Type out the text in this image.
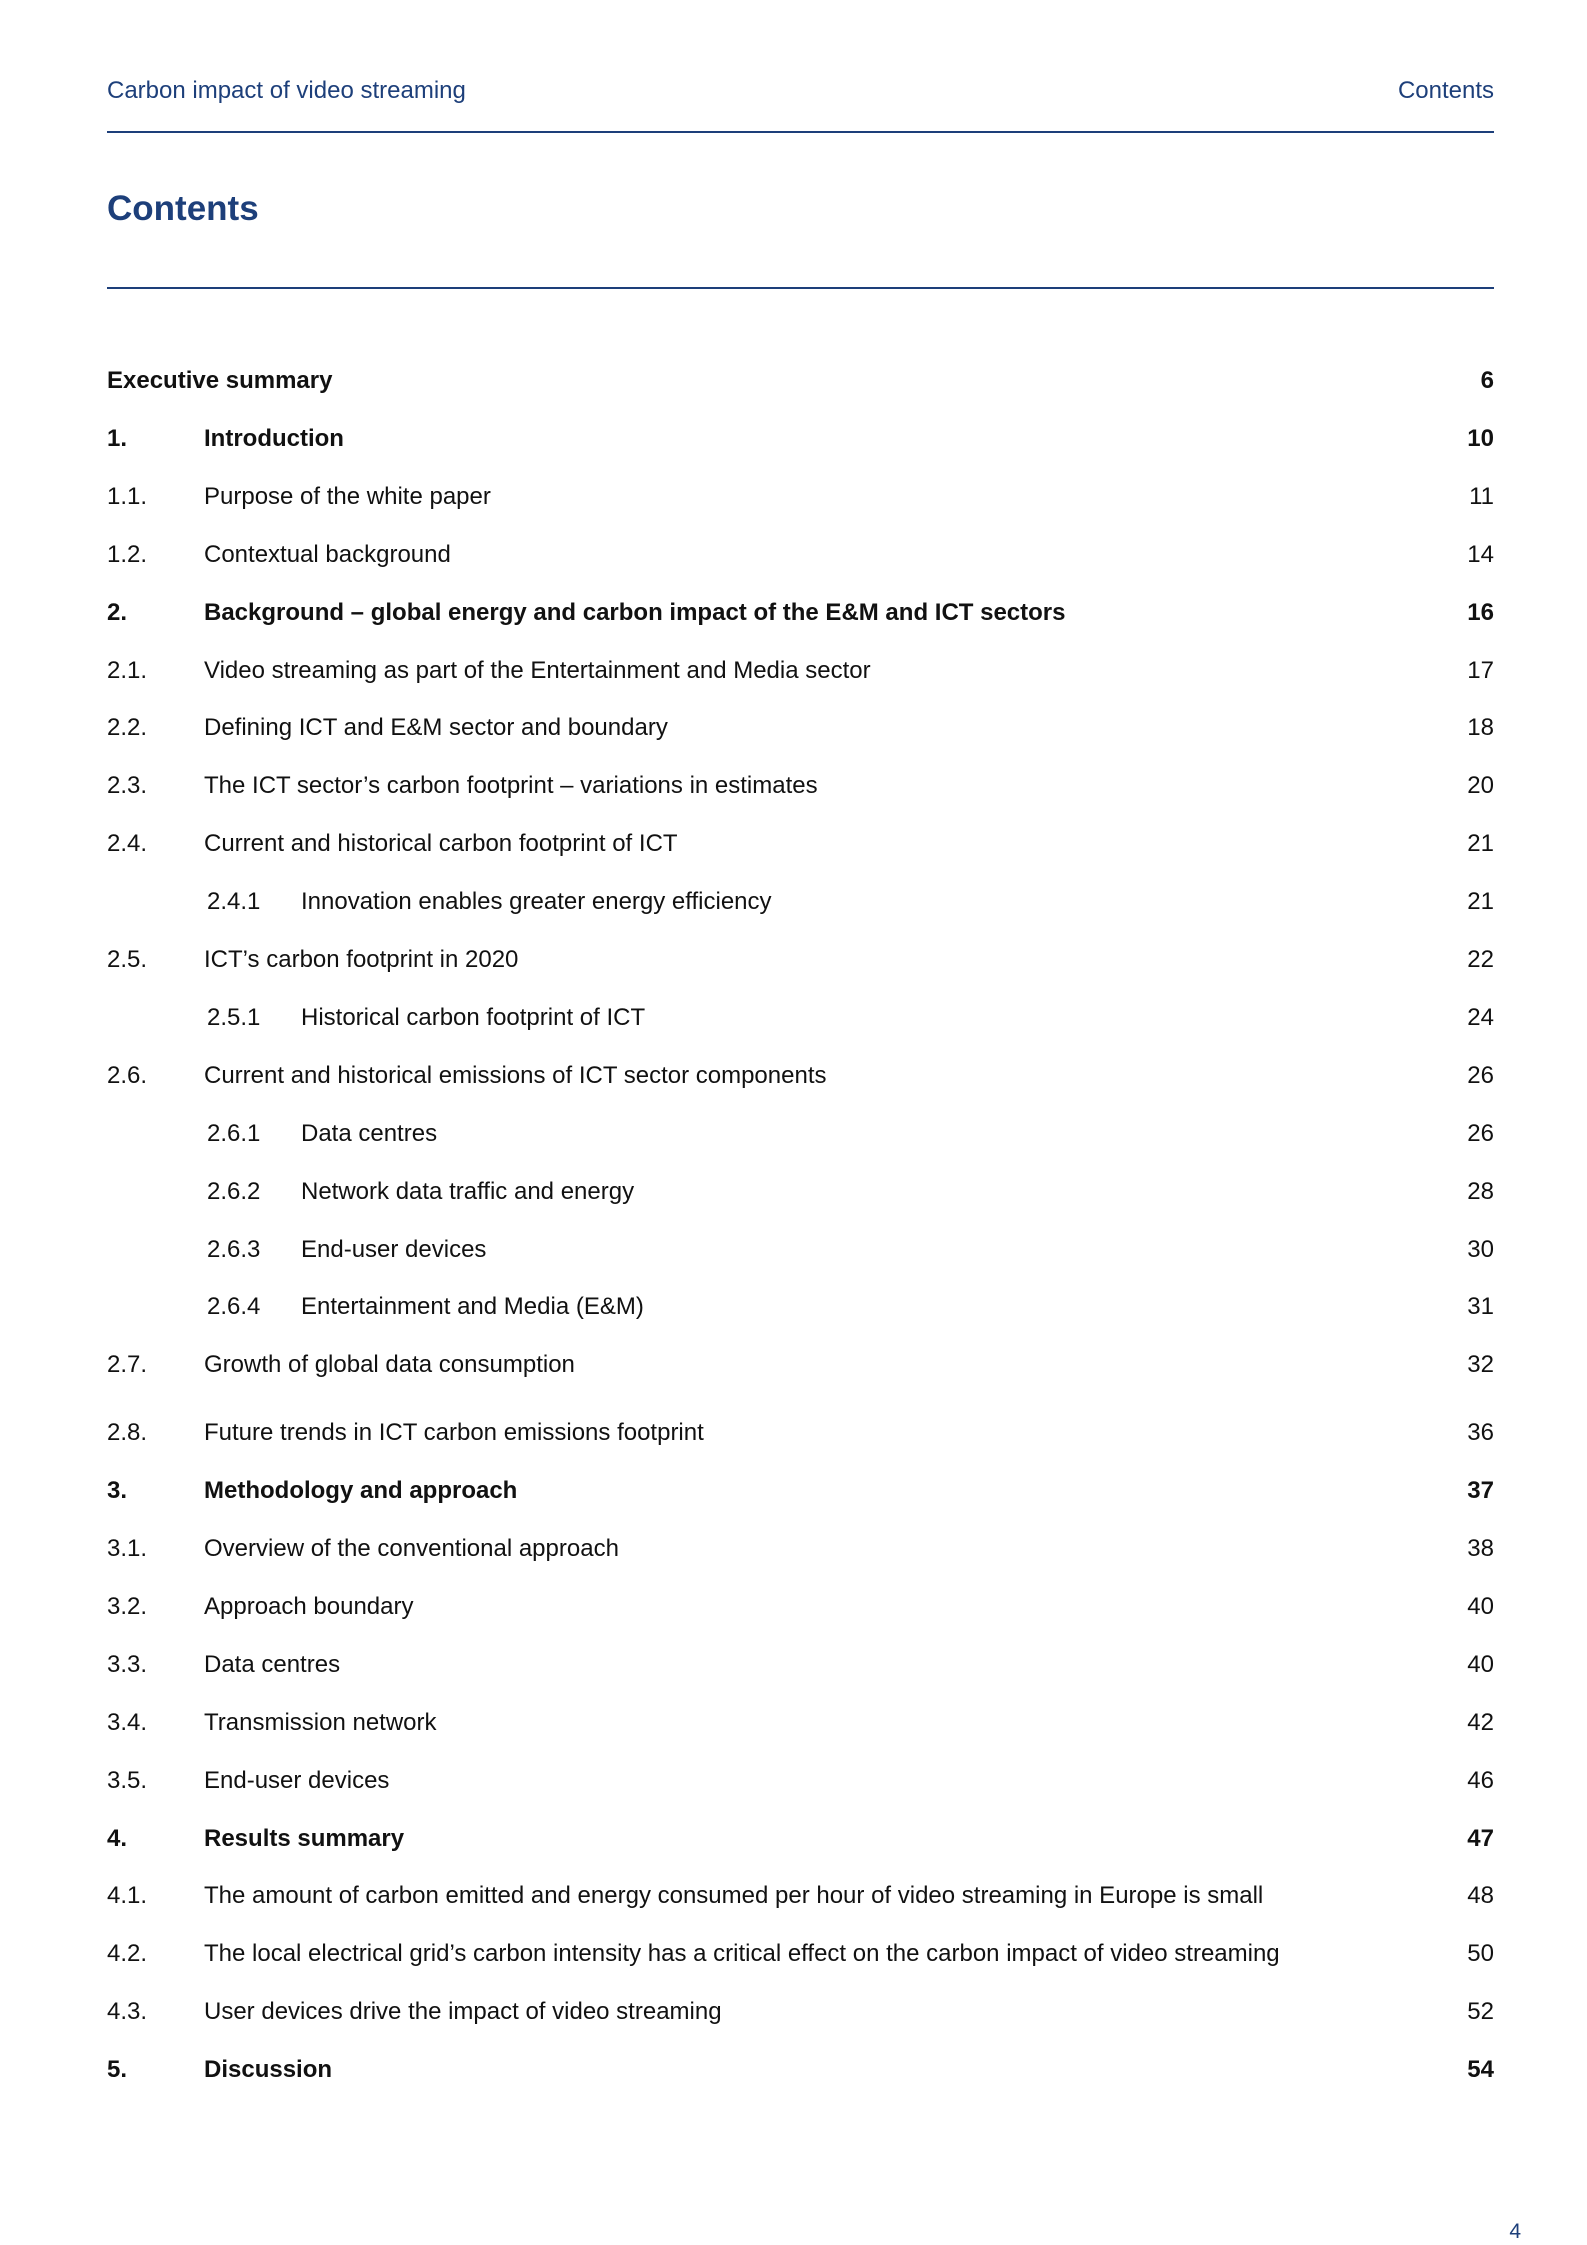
Carbon impact of video streaming	Contents
Contents
Executive summary	6
1.	Introduction	10
1.1. Purpose of the white paper	11
1.2. Contextual background	14
2.	Background – global energy and carbon impact of the E&M and ICT sectors	16
2.1. Video streaming as part of the Entertainment and Media sector	17
2.2. Defining ICT and E&M sector and boundary	18
2.3. The ICT sector’s carbon footprint – variations in estimates	20
2.4. Current and historical carbon footprint of ICT	21
2.4.1 Innovation enables greater energy efficiency	21
2.5. ICT’s carbon footprint in 2020	22
2.5.1 Historical carbon footprint of ICT	24
2.6. Current and historical emissions of ICT sector components	26
2.6.1 Data centres	26
2.6.2 Network data traffic and energy	28
2.6.3 End-user devices	30
2.6.4 Entertainment and Media (E&M)	31
2.7. Growth of global data consumption	32
2.8. Future trends in ICT carbon emissions footprint	36
3.	Methodology and approach	37
3.1. Overview of the conventional approach	38
3.2. Approach boundary	40
3.3. Data centres	40
3.4. Transmission network	42
3.5. End-user devices	46
4.	Results summary	47
4.1. The amount of carbon emitted and energy consumed per hour of video streaming in Europe is small	48
4.2. The local electrical grid’s carbon intensity has a critical effect on the carbon impact of video streaming	50
4.3. User devices drive the impact of video streaming	52
5.	Discussion	54
4
